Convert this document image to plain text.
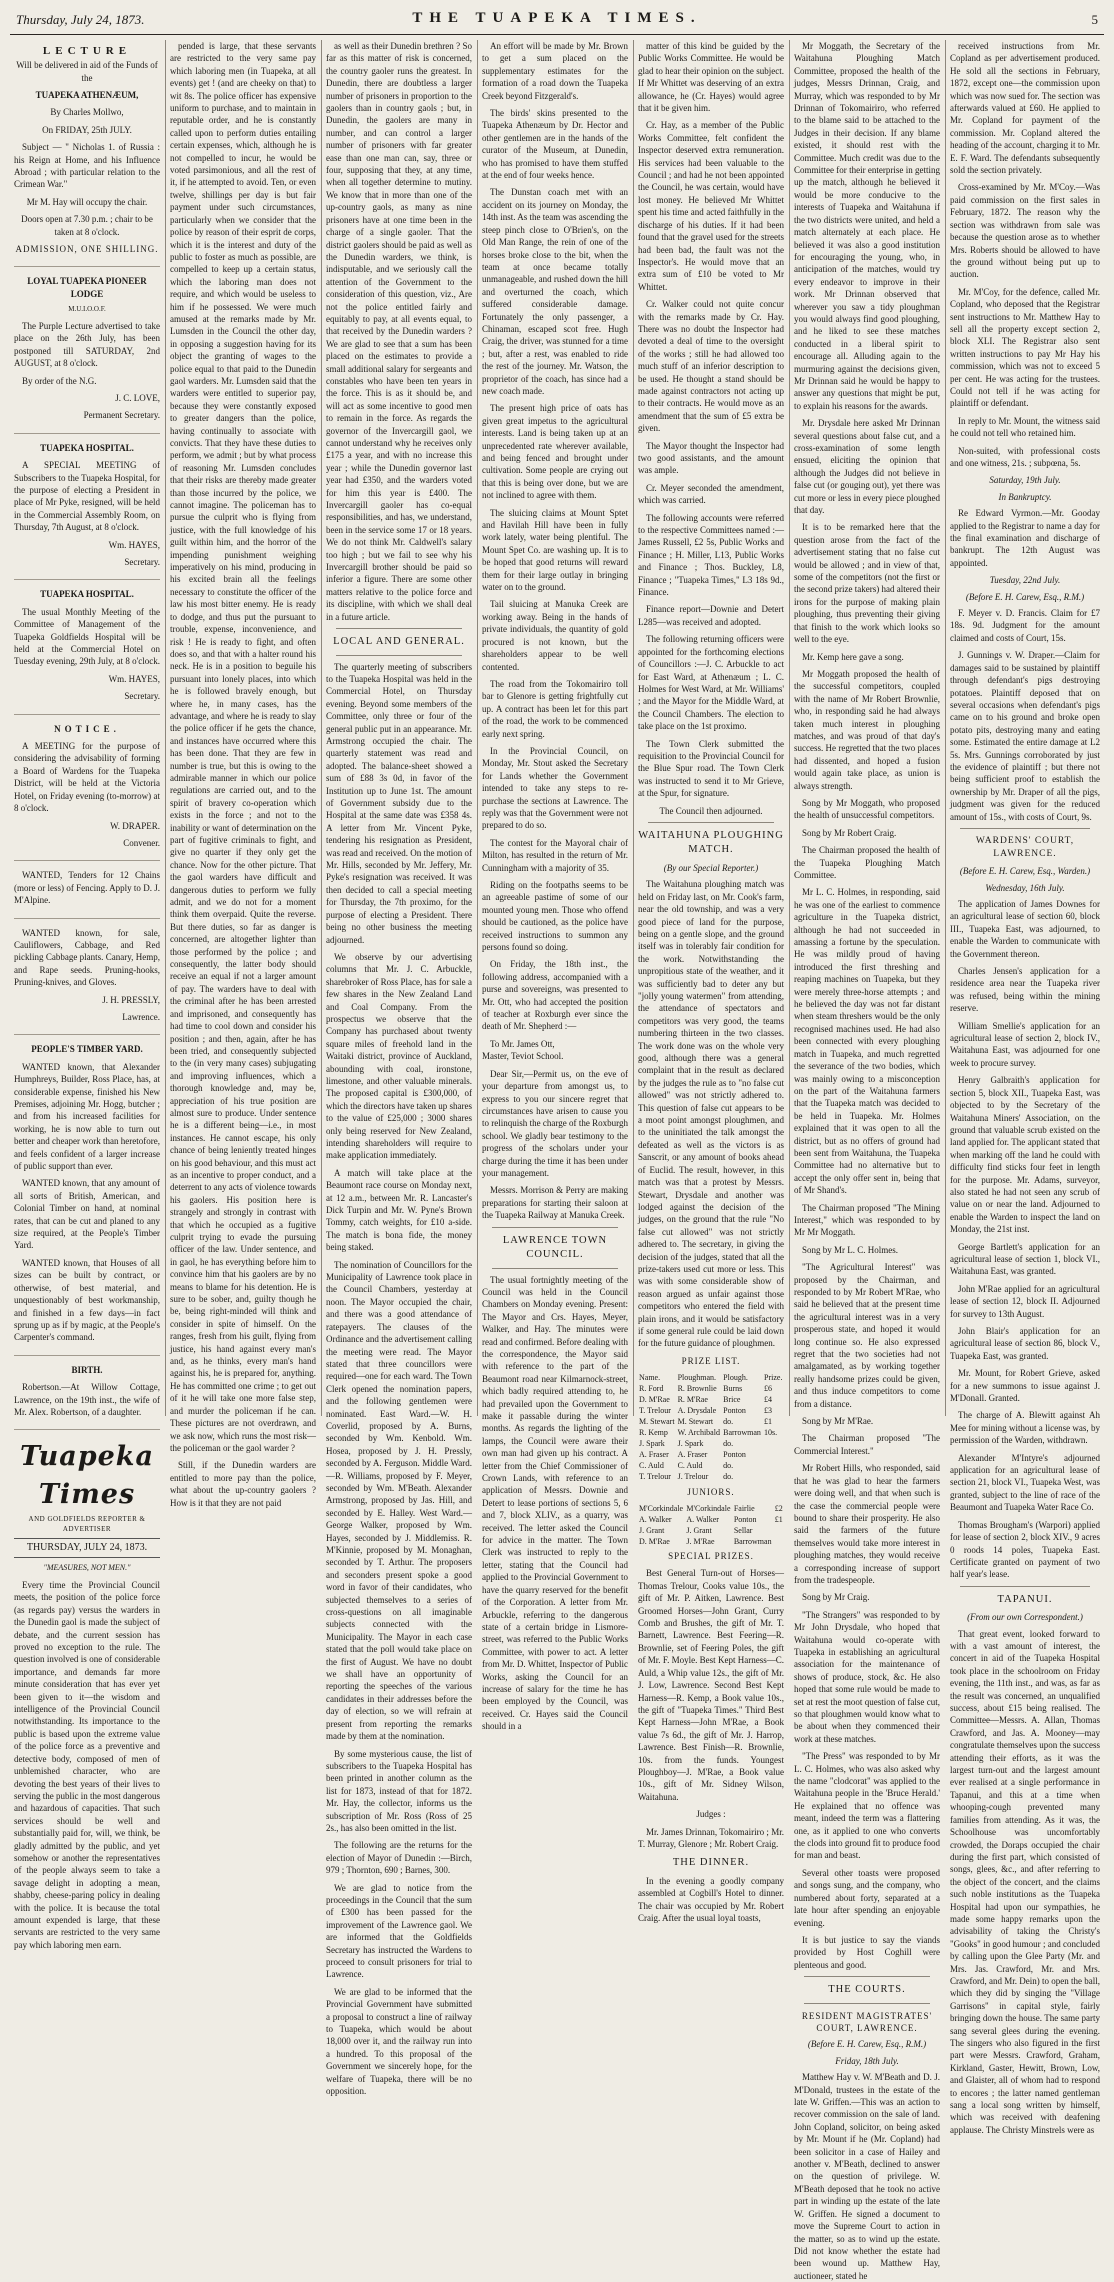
Thursday, July 24, 1873.	THE TUAPEKA TIMES.	5
LECTURE

Will be delivered in aid of the Funds of the

TUAPEKA ATHENÆUM,

By Charles Mollwo,

On FRIDAY, 25th JULY.

Subject — " Nicholas 1. of Russia : his Reign at Home, and his Influence Abroad ; with particular relation to the Crimean War."

Mr M. Hay will occupy the chair.

Doors open at 7.30 p.m. ; chair to be taken at 8 o'clock.

ADMISSION, ONE SHILLING.

LOYAL TUAPEKA PIONEER LODGE

M.U.I.O.O.F.

The Purple Lecture advertised to take place on the 26th July, has been postponed till SATURDAY, 2nd AUGUST, at 8 o'clock.

By order of the N.G.

J. C. LOVE,

Permanent Secretary.

TUAPEKA HOSPITAL.

A SPECIAL MEETING of Subscribers to the Tuapeka Hospital, for the purpose of electing a President in place of Mr Pyke, resigned, will be held in the Commercial Assembly Room, on Thursday, 7th August, at 8 o'clock.

Wm. HAYES,

Secretary.

TUAPEKA HOSPITAL.

The usual Monthly Meeting of the Committee of Management of the Tuapeka Goldfields Hospital will be held at the Commercial Hotel on Tuesday evening, 29th July, at 8 o'clock.

Wm. HAYES,

Secretary.

NOTICE.

A MEETING for the purpose of considering the advisability of forming a Board of Wardens for the Tuapeka District, will be held at the Victoria Hotel, on Friday evening (to-morrow) at 8 o'clock.

W. DRAPER.

Convener.

WANTED, Tenders for 12 Chains (more or less) of Fencing. Apply to D. J. M'Alpine.

WANTED known, for sale, Cauliflowers, Cabbage, and Red pickling Cabbage plants. Canary, Hemp, and Rape seeds. Pruning-hooks, Pruning-knives, and Gloves.

J. H. PRESSLY,

Lawrence.

PEOPLE'S TIMBER YARD.

WANTED known, that Alexander Humphreys, Builder, Ross Place, has, at considerable expense, finished his New Premises, adjoining Mr. Hogg, butcher ; and from his increased facilities for working, he is now able to turn out better and cheaper work than heretofore, and feels confident of a larger increase of public support than ever.

WANTED known, that any amount of all sorts of British, American, and Colonial Timber on hand, at nominal rates, that can be cut and planed to any size required, at the People's Timber Yard.

WANTED known, that Houses of all sizes can be built by contract, or otherwise, of best material, and unquestionably of best workmanship, and finished in a few days—in fact sprung up as if by magic, at the People's Carpenter's command.

BIRTH.

Robertson.—At Willow Cottage, Lawrence, on the 19th inst., the wife of Mr. Alex. Robertson, of a daughter.

Tuapeka Times
AND GOLDFIELDS REPORTER & ADVERTISER
THURSDAY, JULY 24, 1873.
"MEASURES, NOT MEN."

Every time the Provincial Council meets, the position of the police force (as regards pay) versus the warders in the Dunedin gaol is made the subject of debate, and the current session has proved no exception to the rule. The question involved is one of considerable importance, and demands far more minute consideration that has ever yet been given to it—the wisdom and intelligence of the Provincial Council notwithstanding. Its importance to the public is based upon the extreme value of the police force as a preventive and detective body, composed of men of unblemished character, who are devoting the best years of their lives to serving the public in the most dangerous and hazardous of capacities. That such services should be well and substantially paid for, will, we think, be gladly admitted by the public, and yet somehow or another the representatives of the people always seem to take a savage delight in adopting a mean, shabby, cheese-paring policy in dealing with the police. It is because the total amount expended is large, that these servants are restricted to the very same pay which laboring men earn.

pended is large, that these servants are restricted to the very same pay which laboring men (in Tuapeka, at all events) get ! (and are cheeky on that) to wit 8s. The police officer has expensive uniform to purchase, and to maintain in reputable order, and he is constantly called upon to perform duties entailing certain expenses, which, although he is not compelled to incur, he would be voted parsimonious, and all the rest of it, if he attempted to avoid. Ten, or even twelve, shillings per day is but fair payment under such circumstances, particularly when we consider that the police by reason of their esprit de corps, which it is the interest and duty of the public to foster as much as possible, are compelled to keep up a certain status, which the laboring man does not require, and which would be useless to him if he possessed. We were much amused at the remarks made by Mr. Lumsden in the Council the other day, in opposing a suggestion having for its object the granting of wages to the police equal to that paid to the Dunedin gaol warders. Mr. Lumsden said that the warders were entitled to superior pay, because they were constantly exposed to greater dangers than the police, having continually to associate with convicts. That they have these duties to perform, we admit ; but by what process of reasoning Mr. Lumsden concludes that their risks are thereby made greater than those incurred by the police, we cannot imagine. The policeman has to pursue the culprit who is flying from justice, with the full knowledge of his guilt within him, and the horror of the impending punishment weighing imperatively on his mind, producing in his excited brain all the feelings necessary to constitute the officer of the law his most bitter enemy. He is ready to dodge, and thus put the pursuant to trouble, expense, inconvenience, and risk ! He is ready to fight, and often does so, and that with a halter round his neck. He is in a position to beguile his pursuant into lonely places, into which he is followed bravely enough, but where he, in many cases, has the advantage, and where he is ready to slay the police officer if he gets the chance, and instances have occurred where this has been done. That they are few in number is true, but this is owing to the admirable manner in which our police regulations are carried out, and to the spirit of bravery co-operation which exists in the force ; and not to the inability or want of determination on the part of fugitive criminals to fight, and give no quarter if they only get the chance. Now for the other picture. That the gaol warders have difficult and dangerous duties to perform we fully admit, and we do not for a moment think them overpaid. Quite the reverse. But there duties, so far as danger is concerned, are altogether lighter than those performed by the police ; and consequently, the latter body should receive an equal if not a larger amount of pay. The warders have to deal with the criminal after he has been arrested and imprisoned, and consequently has had time to cool down and consider his position ; and then, again, after he has been tried, and consequently subjected to the (in very many cases) subjugating and improving influences, which a thorough knowledge and, may be, appreciation of his true position are almost sure to produce. Under sentence he is a different being—i.e., in most instances. He cannot escape, his only chance of being leniently treated hinges on his good behaviour, and this must act as an incentive to proper conduct, and a deterrent to any acts of violence towards his gaolers. His position here is strangely and strongly in contrast with that which he occupied as a fugitive culprit trying to evade the pursuing officer of the law. Under sentence, and in gaol, he has everything before him to convince him that his gaolers are by no means to blame for his detention. He is sure to be sober, and, guilty though he be, being right-minded will think and consider in spite of himself. On the ranges, fresh from his guilt, flying from justice, his hand against every man's and, as he thinks, every man's hand against his, he is prepared for, anything. He has committed one crime ; to get out of it he will take one more false step, and murder the policeman if he can. These pictures are not overdrawn, and we ask now, which runs the most risk—the policeman or the gaol warder ?

Still, if the Dunedin warders are entitled to more pay than the police, what about the up-country gaolers ? How is it that they are not paid

as well as their Dunedin brethren ? So far as this matter of risk is concerned, the country gaoler runs the greatest. In Dunedin, there are doubtless a larger number of prisoners in proportion to the gaolers than in country gaols ; but, in Dunedin, the gaolers are many in number, and can control a larger number of prisoners with far greater ease than one man can, say, three or four, supposing that they, at any time, when all together determine to mutiny. We know that in more than one of the up-country gaols, as many as nine prisoners have at one time been in the charge of a single gaoler. That the district gaolers should be paid as well as the Dunedin warders, we think, is indisputable, and we seriously call the attention of the Government to the consideration of this question, viz., Are not the police entitled fairly and equitably to pay, at all events equal, to that received by the Dunedin warders ? We are glad to see that a sum has been placed on the estimates to provide a small additional salary for sergeants and constables who have been ten years in the force. This is as it should be, and will act as some incentive to good men to remain in the force. As regards the governor of the Invercargill gaol, we cannot understand why he receives only £175 a year, and with no increase this year ; while the Dunedin governor last year had £350, and the warders voted for him this year is £400. The Invercargill gaoler has co-equal responsibilities, and has, we understand, been in the service some 17 or 18 years. We do not think Mr. Caldwell's salary too high ; but we fail to see why his Invercargill brother should be paid so inferior a figure. There are some other matters relative to the police force and its discipline, with which we shall deal in a future article.

LOCAL AND GENERAL.

The quarterly meeting of subscribers to the Tuapeka Hospital was held in the Commercial Hotel, on Thursday evening. Beyond some members of the Committee, only three or four of the general public put in an appearance. Mr. Armstrong occupied the chair. The quarterly statement was read and adopted. The balance-sheet showed a sum of £88 3s 0d, in favor of the Institution up to June 1st. The amount of Government subsidy due to the Hospital at the same date was £358 4s. A letter from Mr. Vincent Pyke, tendering his resignation as President, was read and received. On the motion of Mr. Hills, seconded by Mr. Jeffery, Mr. Pyke's resignation was received. It was then decided to call a special meeting for Thursday, the 7th proximo, for the purpose of electing a President. There being no other business the meeting adjourned.

We observe by our advertising columns that Mr. J. C. Arbuckle, sharebroker of Ross Place, has for sale a few shares in the New Zealand Land and Coal Company. From the prospectus we observe that the Company has purchased about twenty square miles of freehold land in the Waitaki district, province of Auckland, abounding with coal, ironstone, limestone, and other valuable minerals. The proposed capital is £300,000, of which the directors have taken up shares to the value of £25,000 ; 3000 shares only being reserved for New Zealand, intending shareholders will require to make application immediately.

A match will take place at the Beaumont race course on Monday next, at 12 a.m., between Mr. R. Lancaster's Dick Turpin and Mr. W. Pyne's Brown Tommy, catch weights, for £10 a-side. The match is bona fide, the money being staked.

The nomination of Councillors for the Municipality of Lawrence took place in the Council Chambers, yesterday at noon. The Mayor occupied the chair, and there was a good attendance of ratepayers. The clauses of the Ordinance and the advertisement calling the meeting were read. The Mayor stated that three councillors were required—one for each ward. The Town Clerk opened the nomination papers, and the following gentlemen were nominated. East Ward.—W. H. Coverlid, proposed by A. Burns, seconded by Wm. Kenbold. Wm. Hosea, proposed by J. H. Pressly, seconded by A. Ferguson. Middle Ward.—R. Williams, proposed by F. Meyer, seconded by Wm. M'Beath. Alexander Armstrong, proposed by Jas. Hill, and seconded by E. Halley. West Ward.—George Walker, proposed by Wm. Hayes, seconded by J. Middlemiss. R. M'Kinnie, proposed by M. Monaghan, seconded by T. Arthur. The proposers and seconders present spoke a good word in favor of their candidates, who subjected themselves to a series of cross-questions on all imaginable subjects connected with the Municipality. The Mayor in each case stated that the poll would take place on the first of August. We have no doubt we shall have an opportunity of reporting the speeches of the various candidates in their addresses before the day of election, so we will refrain at present from reporting the remarks made by them at the nomination.

By some mysterious cause, the list of subscribers to the Tuapeka Hospital has been printed in another column as the list for 1873, instead of that for 1872. Mr. Hay, the collector, informs us the subscription of Mr. Ross (Ross of 25 2s., has also been omitted in the list.

The following are the returns for the election of Mayor of Dunedin :—Birch, 979 ; Thornton, 690 ; Barnes, 300.

We are glad to notice from the proceedings in the Council that the sum of £300 has been passed for the improvement of the Lawrence gaol. We are informed that the Goldfields Secretary has instructed the Wardens to proceed to consult prisoners for trial to Lawrence.

We are glad to be informed that the Provincial Government have submitted a proposal to construct a line of railway to Tuapeka, which would be about 18,000 over it, and the railway run into a hundred. To this proposal of the Government we sincerely hope, for the welfare of Tuapeka, there will be no opposition.

An effort will be made by Mr. Brown to get a sum placed on the supplementary estimates for the formation of a road down the Tuapeka Creek beyond Fitzgerald's.

The birds' skins presented to the Tuapeka Athenæum by Dr. Hector and other gentlemen are in the hands of the curator of the Museum, at Dunedin, who has promised to have them stuffed at the end of four weeks hence.

The Dunstan coach met with an accident on its journey on Monday, the 14th inst. As the team was ascending the steep pinch close to O'Brien's, on the Old Man Range, the rein of one of the horses broke close to the bit, when the team at once became totally unmanageable, and rushed down the hill and overturned the coach, which suffered considerable damage. Fortunately the only passenger, a Chinaman, escaped scot free. Hugh Craig, the driver, was stunned for a time ; but, after a rest, was enabled to ride the rest of the journey. Mr. Watson, the proprietor of the coach, has since had a new coach made.

The present high price of oats has given great impetus to the agricultural interests. Land is being taken up at an unprecedented rate wherever available, and being fenced and brought under cultivation. Some people are crying out that this is being over done, but we are not inclined to agree with them.

The sluicing claims at Mount Sptet and Havilah Hill have been in fully work lately, water being plentiful. The Mount Spet Co. are washing up. It is to be hoped that good returns will reward them for their large outlay in bringing water on to the ground.

Tail sluicing at Manuka Creek are working away. Being in the hands of private individuals, the quantity of gold procured is not known, but the shareholders appear to be well contented.

The road from the Tokomairiro toll bar to Glenore is getting frightfully cut up. A contract has been let for this part of the road, the work to be commenced early next spring.

In the Provincial Council, on Monday, Mr. Stout asked the Secretary for Lands whether the Government intended to take any steps to re-purchase the sections at Lawrence. The reply was that the Government were not prepared to do so.

The contest for the Mayoral chair of Milton, has resulted in the return of Mr. Cunningham with a majority of 35.

Riding on the footpaths seems to be an agreeable pastime of some of our mounted young men. Those who offend should be cautioned, as the police have received instructions to summon any persons found so doing.

On Friday, the 18th inst., the following address, accompanied with a purse and sovereigns, was presented to Mr. Ott, who had accepted the position of teacher at Roxburgh ever since the death of Mr. Shepherd :—

To Mr. James Ott,
Master, Teviot School.

Dear Sir,—Permit us, on the eve of your departure from amongst us, to express to you our sincere regret that circumstances have arisen to cause you to relinquish the charge of the Roxburgh school. We gladly bear testimony to the progress of the scholars under your charge during the time it has been under your management.

Messrs. Morrison & Perry are making preparations for starting their saloon at the Tuapeka Railway at Manuka Creek.

LAWRENCE TOWN COUNCIL.

The usual fortnightly meeting of the Council was held in the Council Chambers on Monday evening. Present: The Mayor and Crs. Hayes, Meyer, Walker, and Hay. The minutes were read and confirmed. Before dealing with the correspondence, the Mayor said with reference to the part of the Beaumont road near Kilmarnock-street, which badly required attending to, he had prevailed upon the Government to make it passable during the winter months. As regards the lighting of the lamps, the Council were aware their own man had given up his contract. A letter from the Chief Commissioner of Crown Lands, with reference to an application of Messrs. Downie and Detert to lease portions of sections 5, 6 and 7, block XLIV., as a quarry, was received. The letter asked the Council for advice in the matter. The Town Clerk was instructed to reply to the letter, stating that the Council had applied to the Provincial Government to have the quarry reserved for the benefit of the Corporation. A letter from Mr. Arbuckle, referring to the dangerous state of a certain bridge in Lismore-street, was referred to the Public Works Committee, with power to act. A letter from Mr. D. Whittet, Inspector of Public Works, asking the Council for an increase of salary for the time he has been employed by the Council, was received. Cr. Hayes said the Council should in a

matter of this kind be guided by the Public Works Committee. He would be glad to hear their opinion on the subject. If Mr Whittet was deserving of an extra allowance, he (Cr. Hayes) would agree that it be given him.

Cr. Hay, as a member of the Public Works Committee, felt confident the Inspector deserved extra remuneration. His services had been valuable to the Council ; and had he not been appointed the Council, he was certain, would have lost money. He believed Mr Whittet spent his time and acted faithfully in the discharge of his duties. If it had been found that the gravel used for the streets had been bad, the fault was not the Inspector's. He would move that an extra sum of £10 be voted to Mr Whittet.

Cr. Walker could not quite concur with the remarks made by Cr. Hay. There was no doubt the Inspector had devoted a deal of time to the oversight of the works ; still he had allowed too much stuff of an inferior description to be used. He thought a stand should be made against contractors not acting up to their contracts. He would move as an amendment that the sum of £5 extra be given.

The Mayor thought the Inspector had two good assistants, and the amount was ample.

Cr. Meyer seconded the amendment, which was carried.

The following accounts were referred to the respective Committees named :—James Russell, £2 5s, Public Works and Finance ; H. Miller, L13, Public Works and Finance ; Thos. Buckley, L8, Finance ; "Tuapeka Times," L3 18s 9d., Finance.

Finance report—Downie and Detert L285—was received and adopted.

The following returning officers were appointed for the forthcoming elections of Councillors :—J. C. Arbuckle to act for East Ward, at Athenæum ; L. C. Holmes for West Ward, at Mr. Williams' ; and the Mayor for the Middle Ward, at the Council Chambers. The election to take place on the 1st proximo.

The Town Clerk submitted the requisition to the Provincial Council for the Blue Spur road. The Town Clerk was instructed to send it to Mr Grieve, at the Spur, for signature.

The Council then adjourned.

WAITAHUNA PLOUGHING MATCH.
(By our Special Reporter.)

The Waitahuna ploughing match was held on Friday last, on Mr. Cook's farm, near the old township, and was a very good piece of land for the purpose, being on a gentle slope, and the ground itself was in tolerably fair condition for the work. Notwithstanding the unpropitious state of the weather, and it was sufficiently bad to deter any but "jolly young watermen" from attending, the attendance of spectators and competitors was very good, the teams numbering thirteen in the two classes. The work done was on the whole very good, although there was a general complaint that in the result as declared by the judges the rule as to "no false cut allowed" was not strictly adhered to. This question of false cut appears to be a moot point amongst ploughmen, and to the uninitiated the talk amongst the defeated as well as the victors is as Sanscrit, or any amount of books ahead of Euclid. The result, however, in this match was that a protest by Messrs. Stewart, Drysdale and another was lodged against the decision of the judges, on the ground that the rule "No false cut allowed" was not strictly adhered to. The secretary, in giving the decision of the judges, stated that all the prize-takers used cut more or less. This was with some considerable show of reason argued as unfair against those competitors who entered the field with plain irons, and it would be satisfactory if some general rule could be laid down for the future guidance of ploughmen.

PRIZE LIST.

Name.	Ploughman.	Plough.	Prize.
R. Ford	R. Brownlie	Burns	£6
D. M'Rae	R. M'Rae	Brice	£4
T. Trelour	A. Drysdale	Ponton	£3
M. Stewart	M. Stewart	do.	£1
R. Kemp	W. Archibald	Barrowman	10s.
J. Spark	J. Spark	do.	
A. Fraser	A. Fraser	Ponton	
C. Auld	C. Auld	do.	
T. Trelour	J. Trelour	do.	

JUNIORS.

M'Corkindale	M'Corkindale	Fairlie	£2
A. Walker	A. Walker	Ponton	£1
J. Grant	J. Grant	Sellar	
D. M'Rae	J. M'Rae	Barrowman	

SPECIAL PRIZES.

Best General Turn-out of Horses—Thomas Trelour, Cooks value 10s., the gift of Mr. P. Aitken, Lawrence. Best Groomed Horses—John Grant, Curry Comb and Brushes, the gift of Mr. T. Barnett, Lawrence. Best Feering—R. Brownlie, set of Feering Poles, the gift of Mr. F. Moyle. Best Kept Harness—C. Auld, a Whip value 12s., the gift of Mr. J. Low, Lawrence. Second Best Kept Harness—R. Kemp, a Book value 10s., the gift of "Tuapeka Times." Third Best Kept Harness—John M'Rae, a Book value 7s 6d., the gift of Mr. J. Harrop, Lawrence. Best Finish—R. Brownlie, 10s. from the funds. Youngest Ploughboy—J. M'Rae, a Book value 10s., gift of Mr. Sidney Wilson, Waitahuna.

Judges :

Mr. James Drinnan, Tokomairiro ; Mr. T. Murray, Glenore ; Mr. Robert Craig.

THE DINNER.

In the evening a goodly company assembled at Cogbill's Hotel to dinner. The chair was occupied by Mr. Robert Craig. After the usual loyal toasts,

Mr Moggath, the Secretary of the Waitahuna Ploughing Match Committee, proposed the health of the judges, Messrs Drinnan, Craig, and Murray, which was responded to by Mr Drinnan of Tokomairiro, who referred to the blame said to be attached to the Judges in their decision. If any blame existed, it should rest with the Committee. Much credit was due to the Committee for their enterprise in getting up the match, although he believed it would be more conducive to the interests of Tuapeka and Waitahuna if the two districts were united, and held a match alternately at each place. He believed it was also a good institution for encouraging the young, who, in anticipation of the matches, would try every endeavor to improve in their work. Mr Drinnan observed that wherever you saw a tidy ploughman you would always find good ploughing, and he liked to see these matches conducted in a liberal spirit to encourage all. Alluding again to the murmuring against the decisions given, Mr Drinnan said he would be happy to answer any questions that might be put, to explain his reasons for the awards.

Mr. Drysdale here asked Mr Drinnan several questions about false cut, and a cross-examination of some length ensued, eliciting the opinion that although the Judges did not believe in false cut (or gouging out), yet there was cut more or less in every piece ploughed that day.

It is to be remarked here that the question arose from the fact of the advertisement stating that no false cut would be allowed ; and in view of that, some of the competitors (not the first or the second prize takers) had altered their irons for the purpose of making plain ploughing, thus preventing their giving that finish to the work which looks so well to the eye.

Mr. Kemp here gave a song.

Mr Moggath proposed the health of the successful competitors, coupled with the name of Mr Robert Brownlie, who, in responding said he had always taken much interest in ploughing matches, and was proud of that day's success. He regretted that the two places had dissented, and hoped a fusion would again take place, as union is always strength.

Song by Mr Moggath, who proposed the health of unsuccessful competitors.

Song by Mr Robert Craig.

The Chairman proposed the health of the Tuapeka Ploughing Match Committee.

Mr L. C. Holmes, in responding, said he was one of the earliest to commence agriculture in the Tuapeka district, although he had not succeeded in amassing a fortune by the speculation. He was mildly proud of having introduced the first threshing and reaping machines on Tuapeka, but they were merely three-horse attempts ; and he believed the day was not far distant when steam threshers would be the only recognised machines used. He had also been connected with every ploughing match in Tuapeka, and much regretted the severance of the two bodies, which was mainly owing to a misconception on the part of the Waitahuna farmers that the Tuapeka match was decided to be held in Tuapeka. Mr. Holmes explained that it was open to all the district, but as no offers of ground had been sent from Waitahuna, the Tuapeka Committee had no alternative but to accept the only offer sent in, being that of Mr Shand's.

The Chairman proposed "The Mining Interest," which was responded to by Mr Mr Moggath.

Song by Mr L. C. Holmes.

"The Agricultural Interest" was proposed by the Chairman, and responded to by Mr Robert M'Rae, who said he believed that at the present time the agricultural interest was in a very prosperous state, and hoped it would long continue so. He also expressed regret that the two societies had not amalgamated, as by working together really handsome prizes could be given, and thus induce competitors to come from a distance.

Song by Mr M'Rae.

The Chairman proposed "The Commercial Interest."

Mr Robert Hills, who responded, said that he was glad to hear the farmers were doing well, and that when such is the case the commercial people were bound to share their prosperity. He also said the farmers of the future themselves would take more interest in ploughing matches, they would receive a corresponding increase of support from the tradespeople.

Song by Mr Craig.

"The Strangers" was responded to by Mr John Drysdale, who hoped that Waitahuna would co-operate with Tuapeka in establishing an agricultural association for the maintenance of shows of produce, stock, &c. He also hoped that some rule would be made to set at rest the moot question of false cut, so that ploughmen would know what to be about when they commenced their work at these matches.

"The Press" was responded to by Mr L. C. Holmes, who was also asked why the name "clodcorat" was applied to the Waitahuna people in the 'Bruce Herald.' He explained that no offence was meant, indeed the term was a flattering one, as it applied to one who converts the clods into ground fit to produce food for man and beast.

Several other toasts were proposed and songs sung, and the company, who numbered about forty, separated at a late hour after spending an enjoyable evening.

It is but justice to say the viands provided by Host Coghill were plenteous and good.

THE COURTS.
RESIDENT MAGISTRATES' COURT, LAWRENCE.
(Before E. H. Carew, Esq., R.M.)
Friday, 18th July.

Matthew Hay v. W. M'Beath and D. J. M'Donald, trustees in the estate of the late W. Griffen.—This was an action to recover commission on the sale of land. John Copland, solicitor, on being asked by Mr. Mount if he (Mr. Copland) had been solicitor in a case of Hailey and another v. M'Beath, declined to answer on the question of privilege. W. M'Beath deposed that he took no active part in winding up the estate of the late W. Griffen. He signed a document to move the Supreme Court to action in the matter, so as to wind up the estate. Did not know whether the estate had been wound up. Matthew Hay, auctioneer, stated he

received instructions from Mr. Copland as per advertisement produced. He sold all the sections in February, 1872, except one—the commission upon which was now sued for. The section was afterwards valued at £60. He applied to Mr. Copland for payment of the commission. Mr. Copland altered the heading of the account, charging it to Mr. E. F. Ward. The defendants subsequently sold the section privately.

Cross-examined by Mr. M'Coy.—Was paid commission on the first sales in February, 1872. The reason why the section was withdrawn from sale was because the question arose as to whether Mrs. Roberts should be allowed to have the ground without being put up to auction.

Mr. M'Coy, for the defence, called Mr. Copland, who deposed that the Registrar sent instructions to Mr. Matthew Hay to sell all the property except section 2, block XLI. The Registrar also sent written instructions to pay Mr Hay his commission, which was not to exceed 5 per cent. He was acting for the trustees. Could not tell if he was acting for plaintiff or defendant.

In reply to Mr. Mount, the witness said he could not tell who retained him.

Non-suited, with professional costs and one witness, 21s. ; subpœna, 5s.

Saturday, 19th July.
In Bankruptcy.

Re Edward Vyrmon.—Mr. Gooday applied to the Registrar to name a day for the final examination and discharge of bankrupt. The 12th August was appointed.

Tuesday, 22nd July.
(Before E. H. Carew, Esq., R.M.)

F. Meyer v. D. Francis. Claim for £7 18s. 9d. Judgment for the amount claimed and costs of Court, 15s.

J. Gunnings v. W. Draper.—Claim for damages said to be sustained by plaintiff through defendant's pigs destroying potatoes. Plaintiff deposed that on several occasions when defendant's pigs came on to his ground and broke open potato pits, destroying many and eating some. Estimated the entire damage at L2 5s. Mrs. Gunnings corroborated by just the evidence of plaintiff ; but there not being sufficient proof to establish the ownership by Mr. Draper of all the pigs, judgment was given for the reduced amount of 15s., with costs of Court, 9s.

WARDENS' COURT, LAWRENCE.
(Before E. H. Carew, Esq., Warden.)
Wednesday, 16th July.

The application of James Downes for an agricultural lease of section 60, block III., Tuapeka East, was adjourned, to enable the Warden to communicate with the Government thereon.

Charles Jensen's application for a residence area near the Tuapeka river was refused, being within the mining reserve.

William Smellie's application for an agricultural lease of section 2, block IV., Waitahuna East, was adjourned for one week to procure survey.

Henry Galbraith's application for section 5, block XII., Tuapeka East, was objected to by the Secretary of the Waitahuna Miners' Association, on the ground that valuable scrub existed on the land applied for. The applicant stated that when marking off the land he could with difficulty find sticks four feet in length for the purpose. Mr. Adams, surveyor, also stated he had not seen any scrub of value on or near the land. Adjourned to enable the Warden to inspect the land on Monday, the 21st inst.

George Bartlett's application for an agricultural lease of section 1, block VI., Waitahuna East, was granted.

John M'Rae applied for an agricultural lease of section 12, block II. Adjourned for survey to 13th August.

John Blair's application for an agricultural lease of section 86, block V., Tuapeka East, was granted.

Mr. Mount, for Robert Grieve, asked for a new summons to issue against J. M'Donall. Granted.

The charge of A. Blewitt against Ah Mee for mining without a license was, by permission of the Warden, withdrawn.

Alexander M'Intyre's adjourned application for an agricultural lease of section 21, block VI., Tuapeka West, was granted, subject to the line of race of the Beaumont and Tuapeka Water Race Co.

Thomas Brougham's (Warpori) applied for lease of section 2, block XIV., 9 acres 0 roods 14 poles, Tuapeka East. Certificate granted on payment of two half year's lease.

TAPANUI.
(From our own Correspondent.)

That great event, looked forward to with a vast amount of interest, the concert in aid of the Tuapeka Hospital took place in the schoolroom on Friday evening, the 11th inst., and was, as far as the result was concerned, an unqualified success, about £15 being realised. The Committee—Messrs. A. Allan, Thomas Crawford, and Jas. A. Mooney—may congratulate themselves upon the success attending their efforts, as it was the largest turn-out and the largest amount ever realised at a single performance in Tapanui, and this at a time when whooping-cough prevented many families from attending. As it was, the Schoolhouse was uncomfortably crowded, the Doraps occupied the chair during the first part, which consisted of songs, glees, &c., and after referring to the object of the concert, and the claims such noble institutions as the Tuapeka Hospital had upon our sympathies, he made some happy remarks upon the advisability of taking the Christy's "Gooks" in good humour ; and concluded by calling upon the Glee Party (Mr. and Mrs. Jas. Crawford, Mr. and Mrs. Crawford, and Mr. Dein) to open the ball, which they did by singing the "Village Garrisons" in capital style, fairly bringing down the house. The same party sang several glees during the evening. The singers who also figured in the first part were Messrs. Crawford, Graham, Kirkland, Gaster, Hewitt, Brown, Low, and Glaister, all of whom had to respond to encores ; the latter named gentleman sang a local song written by himself, which was received with deafening applause. The Christy Minstrels were as
